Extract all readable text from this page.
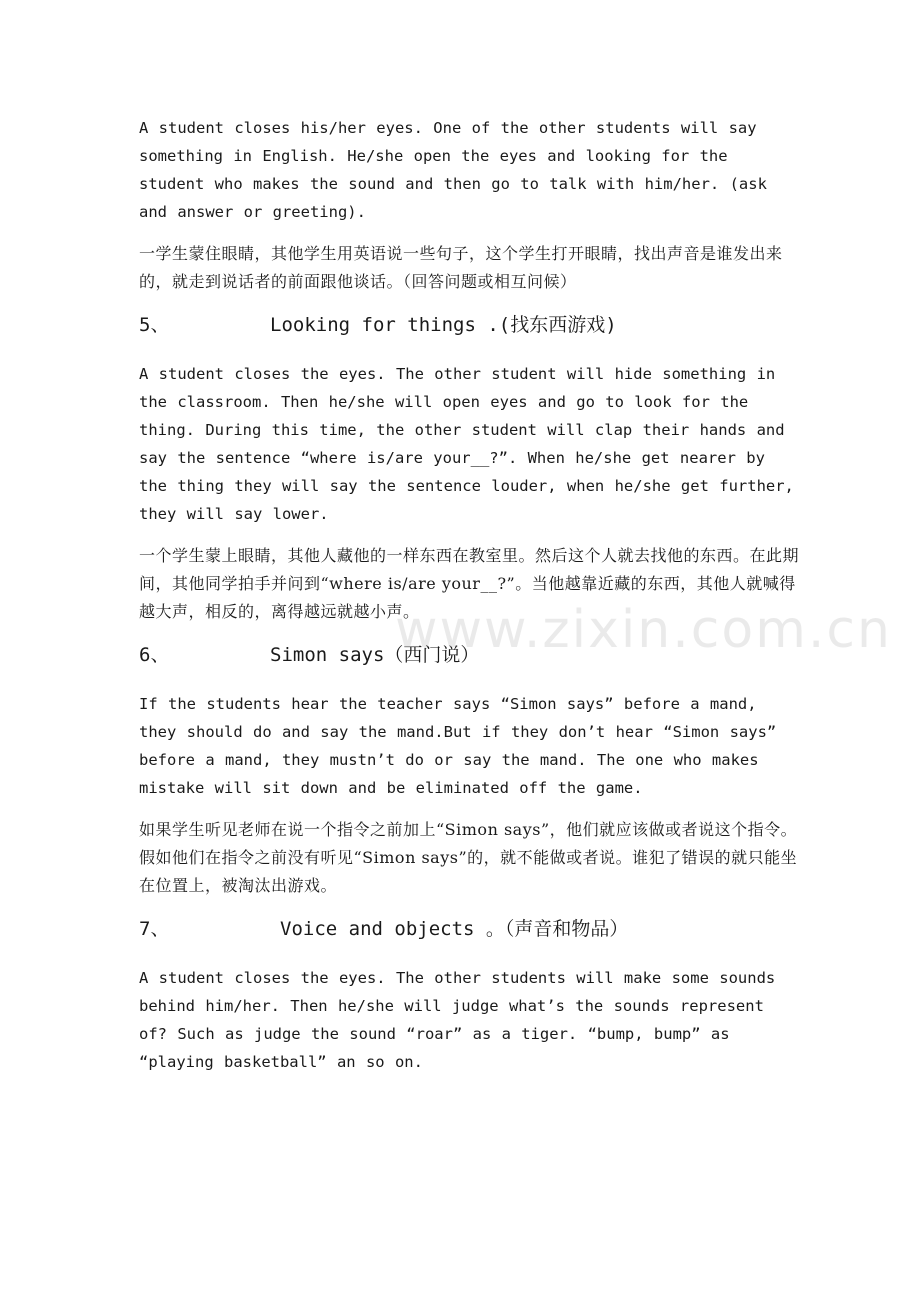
A student closes his/her eyes. One of the other students will say something in English. He/she open the eyes and looking for the student who makes the sound and then go to talk with him/her. (ask and answer or greeting).

一学生蒙住眼睛，其他学生用英语说一些句子，这个学生打开眼睛，找出声音是谁发出来的，就走到说话者的前面跟他谈话。（回答问题或相互问候）

5、	Looking for things .(找东西游戏)

A student closes the eyes. The other student will hide something in the classroom. Then he/she will open eyes and go to look for the thing. During this time, the other student will clap their hands and say the sentence “where is/are your__?”. When he/she get nearer by the thing they will say the sentence louder, when he/she get further, they will say lower.

一个学生蒙上眼睛，其他人藏他的一样东西在教室里。然后这个人就去找他的东西。在此期间，其他同学拍手并问到“where is/are your__?”。当他越靠近藏的东西，其他人就喊得越大声，相反的，离得越远就越小声。

6、	Simon says（西门说）

If the students hear the teacher says “Simon says” before a mand, they should do and say the mand.But if they don’t hear “Simon says” before a mand, they mustn’t do or say the mand. The one who makes mistake will sit down and be eliminated off the game.

如果学生听见老师在说一个指令之前加上“Simon says”，他们就应该做或者说这个指令。假如他们在指令之前没有听见“Simon says”的，就不能做或者说。谁犯了错误的就只能坐在位置上，被淘汰出游戏。

7、	Voice and objects 。（声音和物品）

A student closes the eyes. The other students will make some sounds behind him/her. Then he/she will judge what’s the sounds represent of? Such as judge the sound “roar” as a tiger. “bump, bump” as “playing basketball” an so on.

www.zixin.com.cn
